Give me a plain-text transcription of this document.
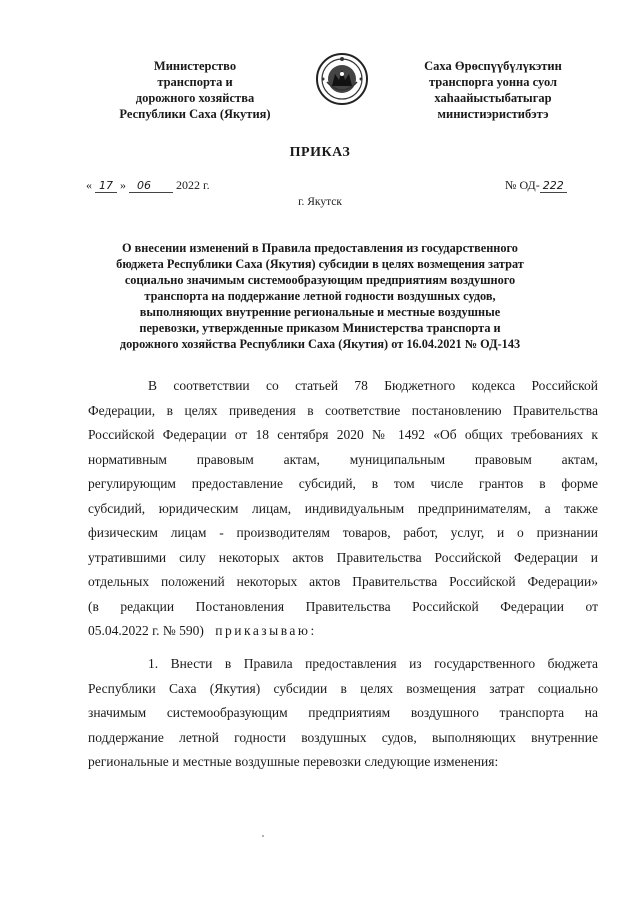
Министерство
транспорта и
дорожного хозяйства
Республики Саха (Якутия)
Саха Өрөспүүбүлүкэтин
транспорга уонна суол
хаһаайыстыбатыгар
министиэристибэтэ
ПРИКАЗ
« 17 » 06 2022 г.	№ ОД- 222
г. Якутск
О внесении изменений в Правила предоставления из государственного
бюджета Республики Саха (Якутия) субсидии в целях возмещения затрат
социально значимым системообразующим предприятиям воздушного
транспорта на поддержание летной годности воздушных судов,
выполняющих внутренние региональные и местные воздушные
перевозки, утвержденные приказом Министерства транспорта и
дорожного хозяйства Республики Саха (Якутия) от 16.04.2021 № ОД-143
В соответствии со статьей 78 Бюджетного кодекса Российской
Федерации, в целях приведения в соответствие постановлению Правительства
Российской Федерации от 18 сентября 2020 № 1492 «Об общих требованиях к
нормативным правовым актам, муниципальным правовым актам,
регулирующим предоставление субсидий, в том числе грантов в форме
субсидий, юридическим лицам, индивидуальным предпринимателям, а также
физическим лицам - производителям товаров, работ, услуг, и о признании
утратившими силу некоторых актов Правительства Российской Федерации и
отдельных положений некоторых актов Правительства Российской Федерации»
(в редакции Постановления Правительства Российской Федерации от
05.04.2022 г. № 590) приказываю:
1. Внести в Правила предоставления из государственного бюджета
Республики Саха (Якутия) субсидии в целях возмещения затрат социально
значимым системообразующим предприятиям воздушного транспорта на
поддержание летной годности воздушных судов, выполняющих внутренние
региональные и местные воздушные перевозки следующие изменения:
